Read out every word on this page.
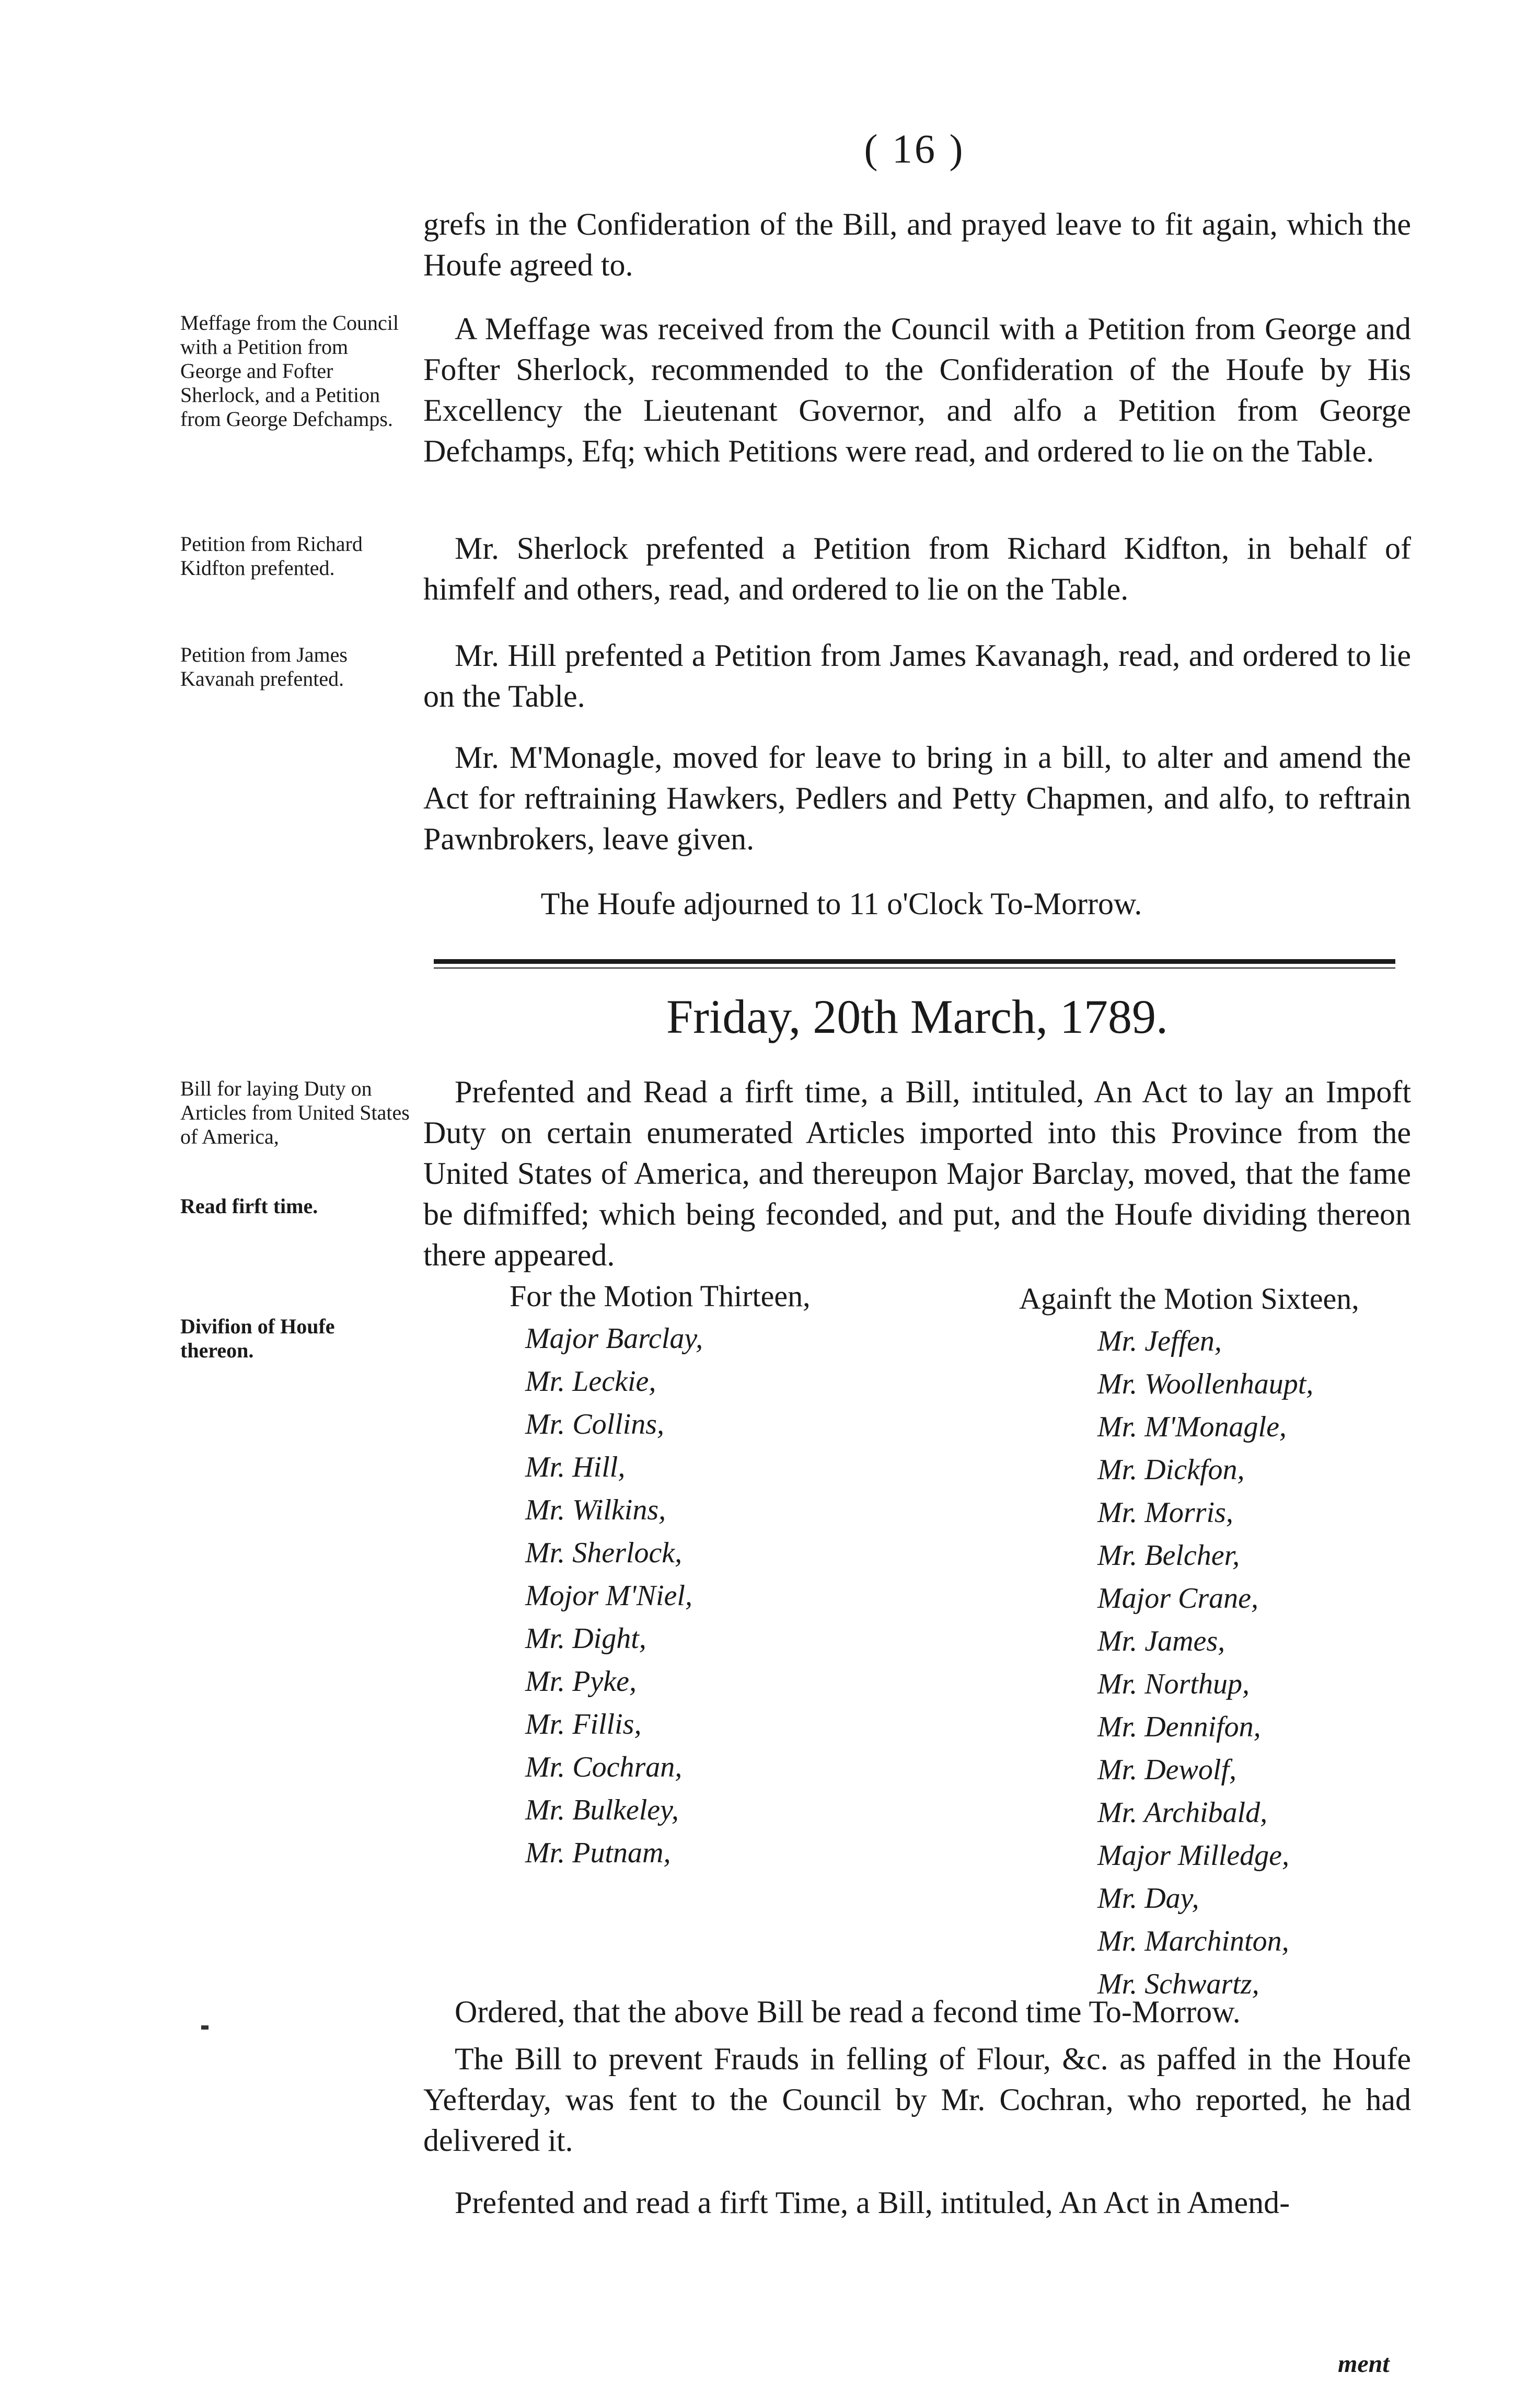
( 16 )
Meffage from the Council with a Petition from George and Fofter Sherlock, and a Petition from George Defchamps.
Petition from Richard Kidfton prefented.
Petition from James Kavanah prefented.
Bill for laying Duty on Articles from United States of America,
Read firft time.
Divifion of Houfe thereon.
grefs in the Confideration of the Bill, and prayed leave to fit again, which the Houfe agreed to.
A Meffage was received from the Council with a Petition from George and Fofter Sherlock, recommended to the Confideration of the Houfe by His Excellency the Lieutenant Governor, and alfo a Petition from George Defchamps, Efq; which Petitions were read, and ordered to lie on the Table.
Mr. Sherlock prefented a Petition from Richard Kidfton, in behalf of himfelf and others, read, and ordered to lie on the Table.
Mr. Hill prefented a Petition from James Kavanagh, read, and ordered to lie on the Table.
Mr. M'Monagle, moved for leave to bring in a bill, to alter and amend the Act for reftraining Hawkers, Pedlers and Petty Chapmen, and alfo, to reftrain Pawnbrokers, leave given.
The Houfe adjourned to 11 o'Clock To-Morrow.
Friday, 20th March, 1789.
Prefented and Read a firft time, a Bill, intituled, An Act to lay an Impoft Duty on certain enumerated Articles imported into this Province from the United States of America, and thereupon Major Barclay, moved, that the fame be difmiffed; which being feconded, and put, and the Houfe dividing thereon there appeared.
For the Motion Thirteen,	Againft the Motion Sixteen,
Major Barclay,
Mr. Leckie,
Mr. Collins,
Mr. Hill,
Mr. Wilkins,
Mr. Sherlock,
Mojor M'Niel,
Mr. Dight,
Mr. Pyke,
Mr. Fillis,
Mr. Cochran,
Mr. Bulkeley,
Mr. Putnam,
Mr. Jeffen,
Mr. Woollenhaupt,
Mr. M'Monagle,
Mr. Dickfon,
Mr. Morris,
Mr. Belcher,
Major Crane,
Mr. James,
Mr. Northup,
Mr. Dennifon,
Mr. Dewolf,
Mr. Archibald,
Major Milledge,
Mr. Day,
Mr. Marchinton,
Mr. Schwartz,
Ordered, that the above Bill be read a fecond time To-Morrow.
The Bill to prevent Frauds in felling of Flour, &c. as paffed in the Houfe Yefterday, was fent to the Council by Mr. Cochran, who reported, he had delivered it.
Prefented and read a firft Time, a Bill, intituled, An Act in Amend-
ment
